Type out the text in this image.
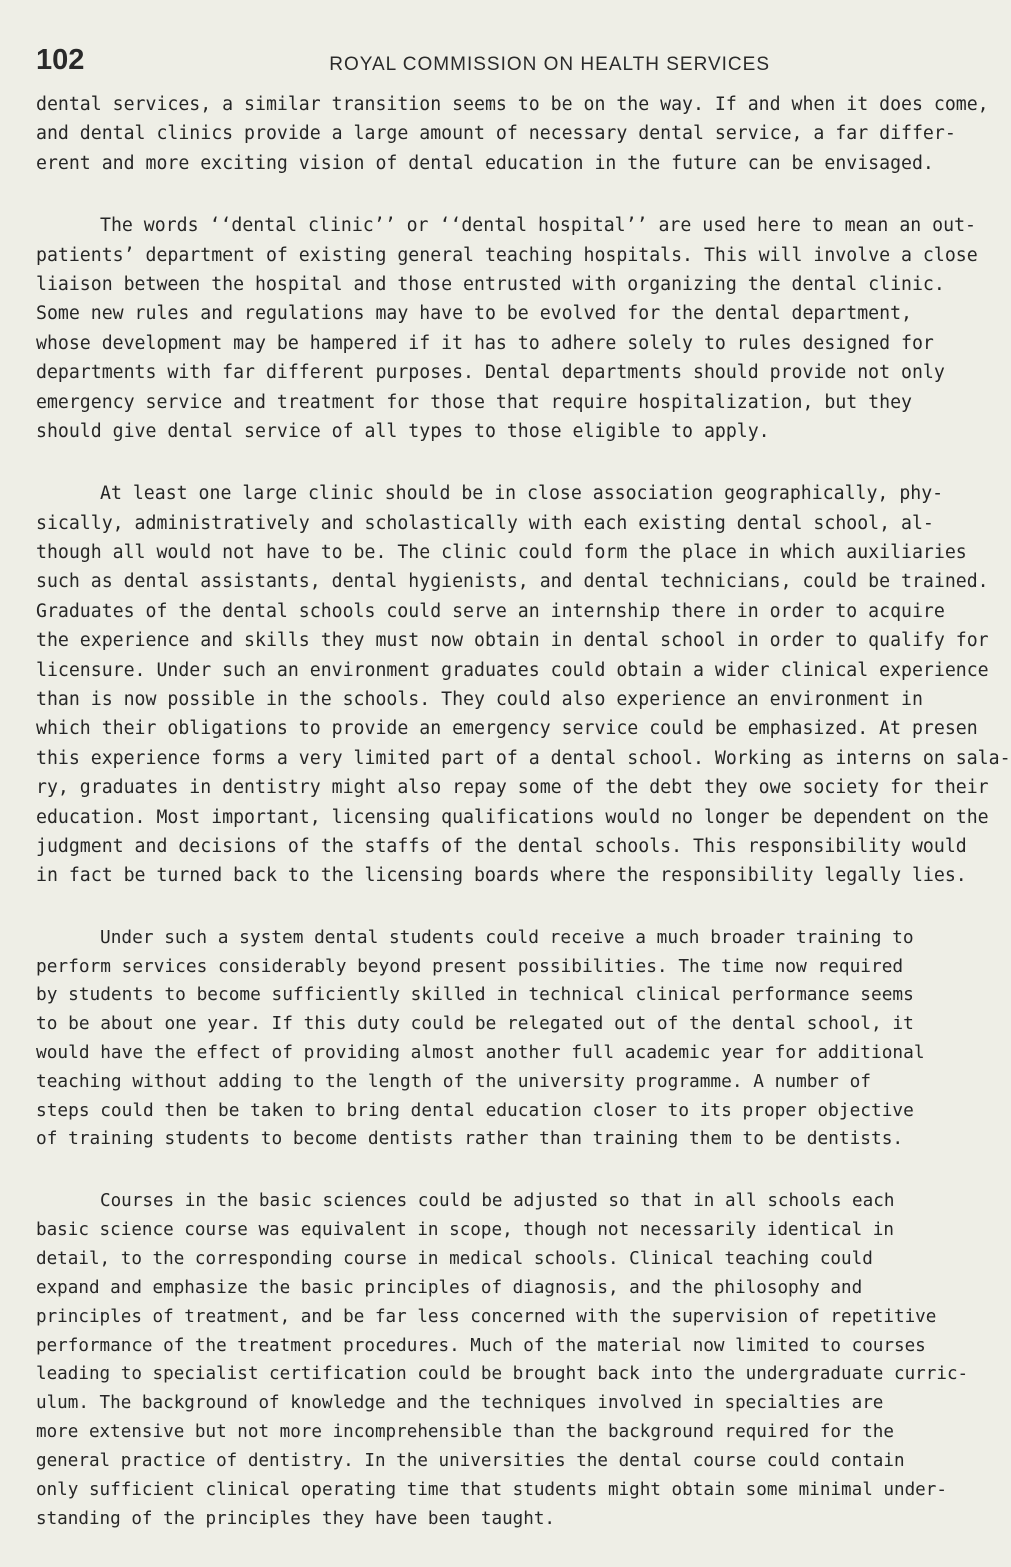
102	ROYAL COMMISSION ON HEALTH SERVICES
dental services, a similar transition seems to be on the way. If and when it does come,
and dental clinics provide a large amount of necessary dental service, a far differ-
erent and more exciting vision of dental education in the future can be envisaged.
The words ‘‘dental clinic’’ or ‘‘dental hospital’’ are used here to mean an out-
patients’ department of existing general teaching hospitals. This will involve a close
liaison between the hospital and those entrusted with organizing the dental clinic.
Some new rules and regulations may have to be evolved for the dental department,
whose development may be hampered if it has to adhere solely to rules designed for
departments with far different purposes. Dental departments should provide not only
emergency service and treatment for those that require hospitalization, but they
should give dental service of all types to those eligible to apply.
At least one large clinic should be in close association geographically, phy-
sically, administratively and scholastically with each existing dental school, al-
though all would not have to be. The clinic could form the place in which auxiliaries
such as dental assistants, dental hygienists, and dental technicians, could be trained.
Graduates of the dental schools could serve an internship there in order to acquire
the experience and skills they must now obtain in dental school in order to qualify for
licensure. Under such an environment graduates could obtain a wider clinical experience
than is now possible in the schools. They could also experience an environment in
which their obligations to provide an emergency service could be emphasized. At presen
this experience forms a very limited part of a dental school. Working as interns on sala-
ry, graduates in dentistry might also repay some of the debt they owe society for their
education. Most important, licensing qualifications would no longer be dependent on the
judgment and decisions of the staffs of the dental schools. This responsibility would
in fact be turned back to the licensing boards where the responsibility legally lies.
Under such a system dental students could receive a much broader training to
perform services considerably beyond present possibilities. The time now required
by students to become sufficiently skilled in technical clinical performance seems
to be about one year. If this duty could be relegated out of the dental school, it
would have the effect of providing almost another full academic year for additional
teaching without adding to the length of the university programme. A number of
steps could then be taken to bring dental education closer to its proper objective
of training students to become dentists rather than training them to be dentists.
Courses in the basic sciences could be adjusted so that in all schools each
basic science course was equivalent in scope, though not necessarily identical in
detail, to the corresponding course in medical schools. Clinical teaching could
expand and emphasize the basic principles of diagnosis, and the philosophy and
principles of treatment, and be far less concerned with the supervision of repetitive
performance of the treatment procedures. Much of the material now limited to courses
leading to specialist certification could be brought back into the undergraduate curric-
ulum. The background of knowledge and the techniques involved in specialties are
more extensive but not more incomprehensible than the background required for the
general practice of dentistry. In the universities the dental course could contain
only sufficient clinical operating time that students might obtain some minimal under-
standing of the principles they have been taught.
